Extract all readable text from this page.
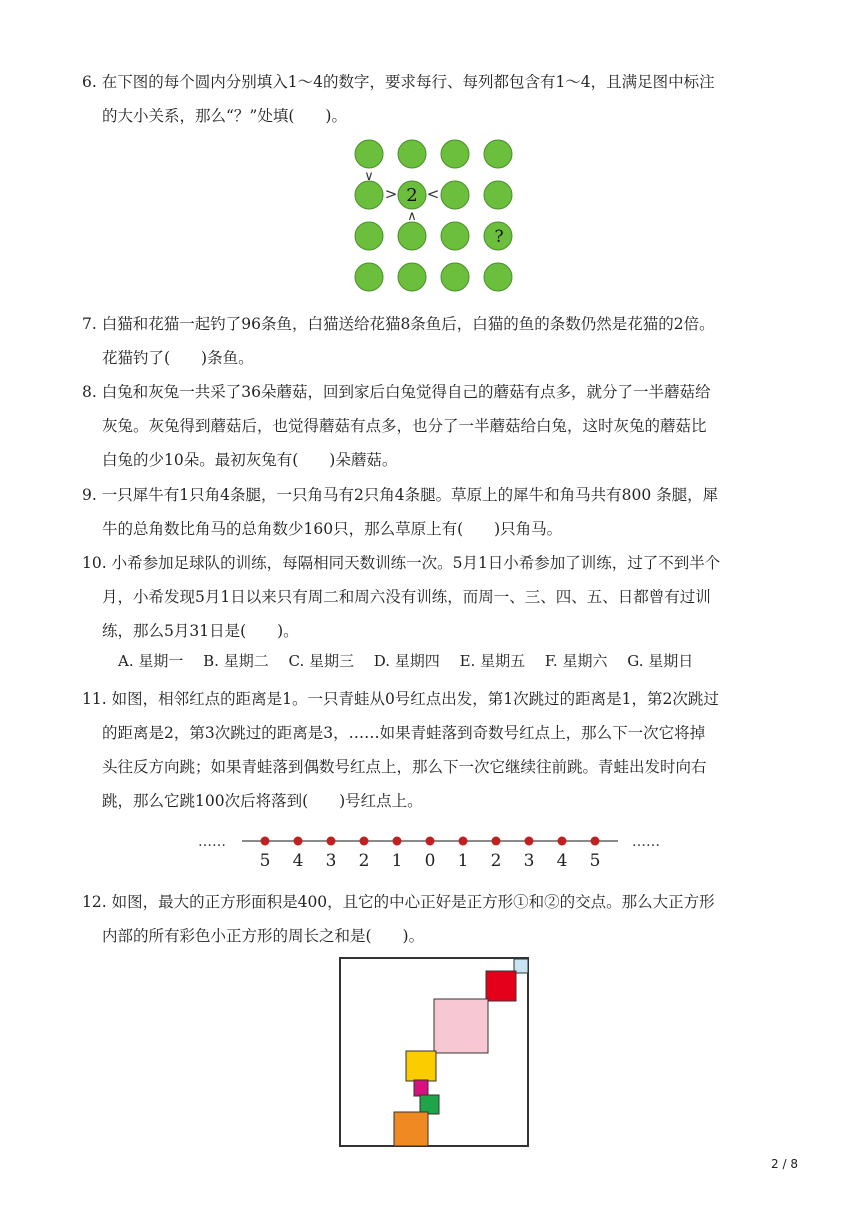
6. 在下图的每个圆内分别填入1～4的数字，要求每行、每列都包含有1～4，且满足图中标注
的大小关系，那么“？”处填(　　)。
∨
> <
∧
2
?
7. 白猫和花猫一起钓了96条鱼，白猫送给花猫8条鱼后，白猫的鱼的条数仍然是花猫的2倍。
花猫钓了(　　)条鱼。
8. 白兔和灰兔一共采了36朵蘑菇，回到家后白兔觉得自己的蘑菇有点多，就分了一半蘑菇给
灰兔。灰兔得到蘑菇后，也觉得蘑菇有点多，也分了一半蘑菇给白兔，这时灰兔的蘑菇比
白兔的少10朵。最初灰兔有(　　)朵蘑菇。
9. 一只犀牛有1只角4条腿，一只角马有2只角4条腿。草原上的犀牛和角马共有800 条腿，犀
牛的总角数比角马的总角数少160只，那么草原上有(　　)只角马。
10. 小希参加足球队的训练，每隔相同天数训练一次。5月1日小希参加了训练，过了不到半个
月，小希发现5月1日以来只有周二和周六没有训练，而周一、三、四、五、日都曾有过训
练，那么5月31日是(　　)。
A. 星期一 B. 星期二 C. 星期三 D. 星期四 E. 星期五 F. 星期六 G. 星期日
11. 如图，相邻红点的距离是1。一只青蛙从0号红点出发，第1次跳过的距离是1，第2次跳过
的距离是2，第3次跳过的距离是3，……如果青蛙落到奇数号红点上，那么下一次它将掉
头往反方向跳；如果青蛙落到偶数号红点上，那么下一次它继续往前跳。青蛙出发时向右
跳，那么它跳100次后将落到(　　)号红点上。
……	……
5 4 3 2 1 0 1 2 3 4 5
12. 如图，最大的正方形面积是400，且它的中心正好是正方形①和②的交点。那么大正方形
内部的所有彩色小正方形的周长之和是(　　)。
2 / 8
